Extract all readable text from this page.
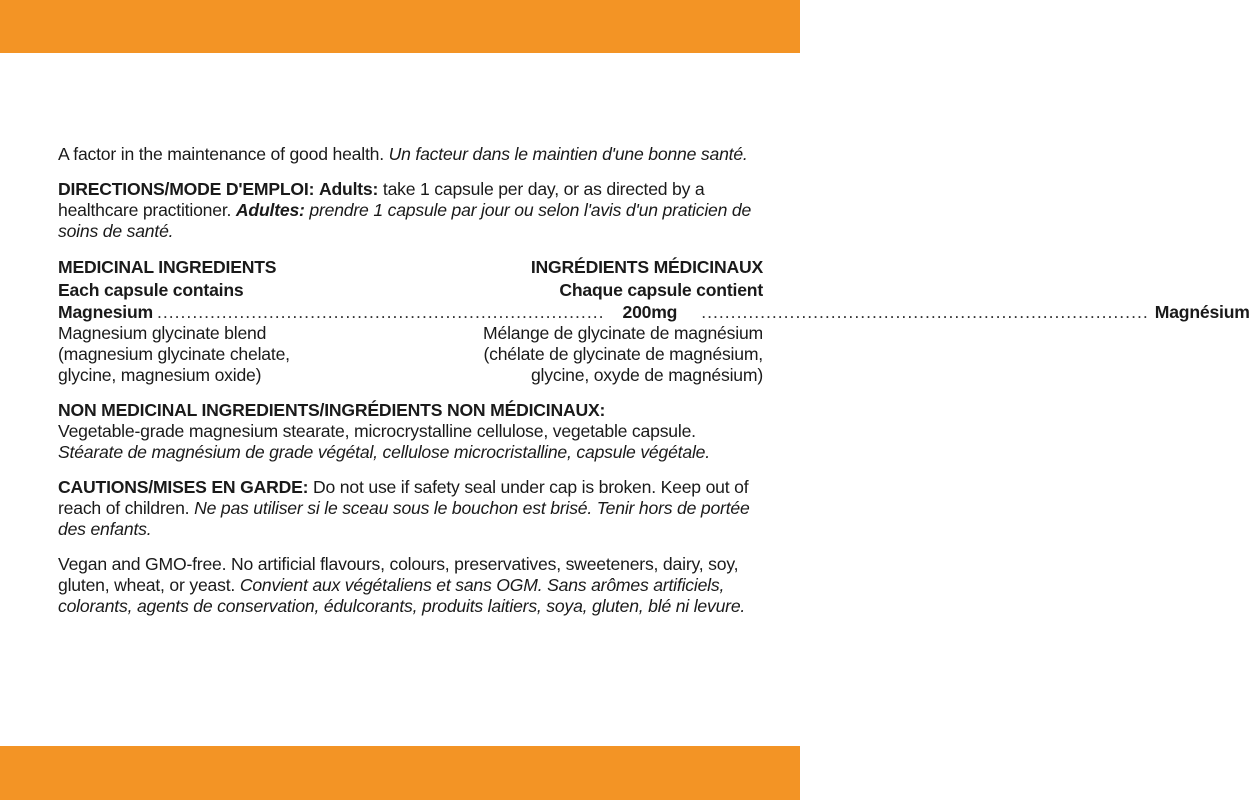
A factor in the maintenance of good health. Un facteur dans le maintien d'une bonne santé.

DIRECTIONS/MODE D'EMPLOI: Adults: take 1 capsule per day, or as directed by a healthcare practitioner. Adultes: prendre 1 capsule par jour ou selon l'avis d'un praticien de soins de santé.

MEDICINAL INGREDIENTS	INGRÉDIENTS MÉDICINAUX
Each capsule contains	Chaque capsule contient
Magnesium ............................................................................ 200mg ............................................................................ Magnésium
Magnesium glycinate blend
(magnesium glycinate chelate,
glycine, magnesium oxide)
Mélange de glycinate de magnésium
(chélate de glycinate de magnésium,
glycine, oxyde de magnésium)

NON MEDICINAL INGREDIENTS/INGRÉDIENTS NON MÉDICINAUX:

Vegetable-grade magnesium stearate, microcrystalline cellulose, vegetable capsule.

Stéarate de magnésium de grade végétal, cellulose microcristalline, capsule végétale.

CAUTIONS/MISES EN GARDE: Do not use if safety seal under cap is broken. Keep out of reach of children. Ne pas utiliser si le sceau sous le bouchon est brisé. Tenir hors de portée des enfants.

Vegan and GMO-free. No artificial flavours, colours, preservatives, sweeteners, dairy, soy, gluten, wheat, or yeast. Convient aux végétaliens et sans OGM. Sans arômes artificiels, colorants, agents de conservation, édulcorants, produits laitiers, soya, gluten, blé ni levure.
